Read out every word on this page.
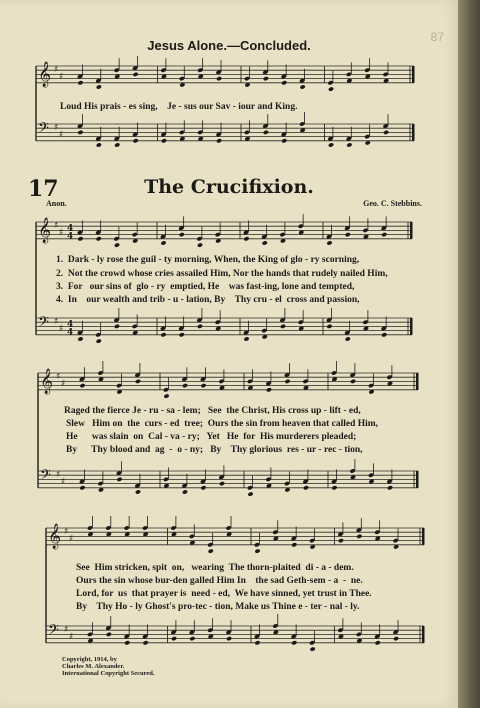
87
Jesus Alone.—Concluded.
𝄞 ♯
♯
𝄢 ♯
♯
𝄞 ♯
♯
𝄢 ♯
♯
𝄞 ♯
♯
𝄢 ♯
♯
𝄞 ♯
♯
𝄢 ♯
♯
4
4
4
4
Loud His prais - es sing,    Je - sus our Sav - iour and King.
17	The Crucifixion.
Anon.	Geo. C. Stebbins.
1.  Dark - ly rose the guil - ty morning, When, the King of glo - ry scorning,
2.  Not the crowd whose cries assailed Him, Nor the hands that rudely nailed Him,
3.  For   our sins of  glo - ry  emptied, He    was fast-ing, lone and tempted,
4.  In    our wealth and trib - u - lation, By    Thy cru - el  cross and passion,
Raged the fierce Je - ru - sa - lem;   See  the Christ, His cross up - lift - ed,
Slew   Him on  the  curs - ed  tree;  Ours the sin from heaven that called Him,
He      was slain  on  Cal - va - ry;   Yet   He  for  His murderers pleaded;
By      Thy blood and  ag  -  o - ny;   By    Thy glorious  res - ur - rec - tion,
See  Him stricken, spit  on,   wearing  The thorn-plaited  di - a - dem.
Ours the sin whose bur-den galled Him In    the sad Geth-sem - a  -  ne.
Lord, for  us  that prayer is  need - ed,  We have sinned, yet trust in Thee.
By    Thy Ho - ly Ghost's pro-tec - tion, Make us Thine e - ter - nal - ly.
Copyright, 1914, by
Charles M. Alexander.
International Copyright Secured.
